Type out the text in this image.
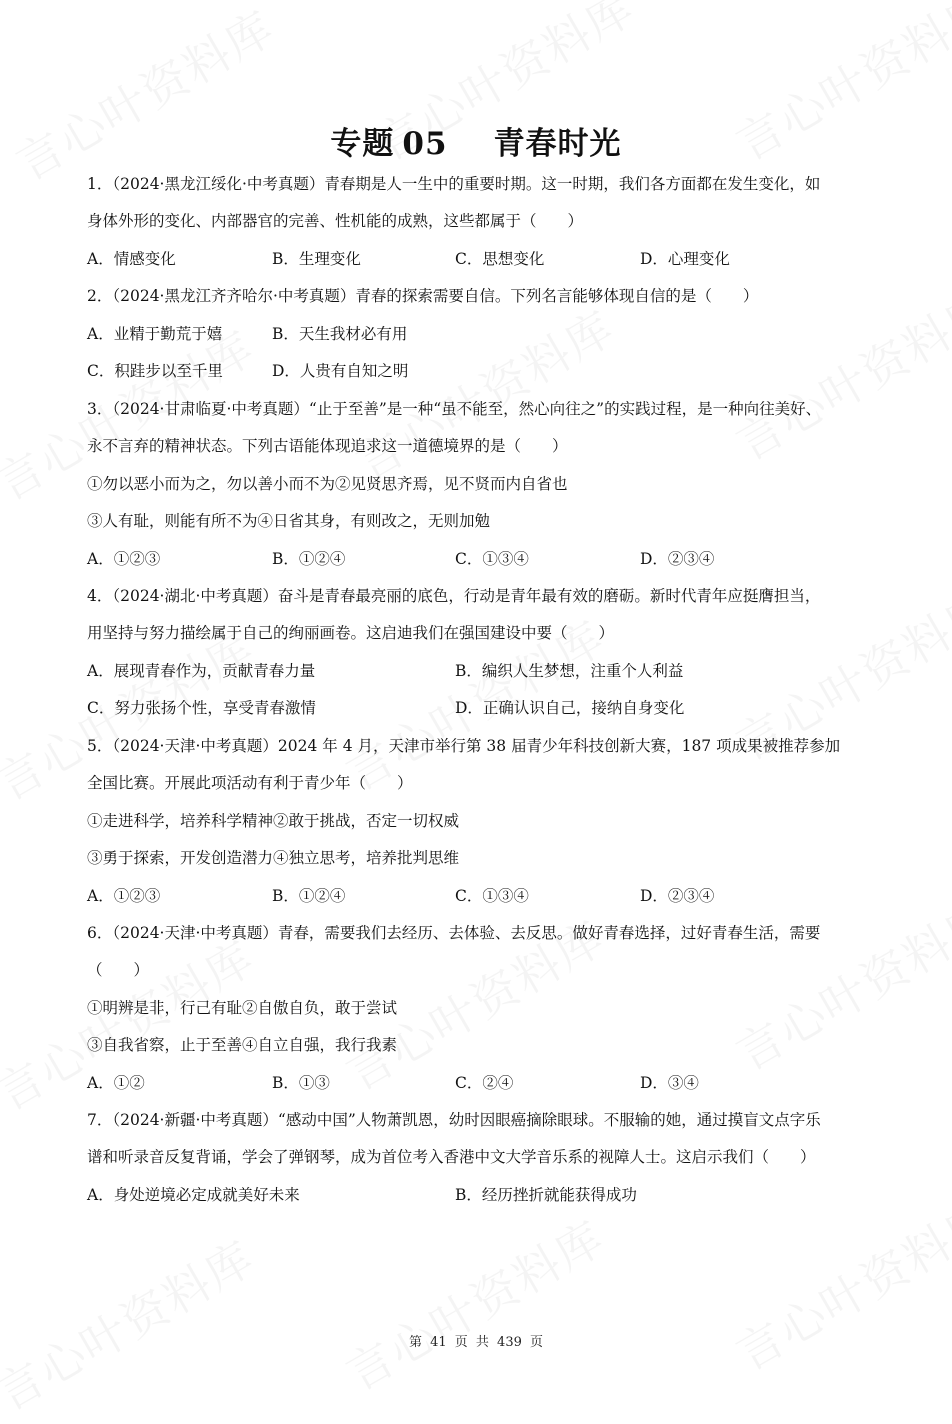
专题 05 青春时光
1．（2024·黑龙江绥化·中考真题）青春期是人一生中的重要时期。这一时期，我们各方面都在发生变化，如
身体外形的变化、内部器官的完善、性机能的成熟，这些都属于（　　）
A．情感变化	B．生理变化	C．思想变化	D．心理变化
2．（2024·黑龙江齐齐哈尔·中考真题）青春的探索需要自信。下列名言能够体现自信的是（　　）
A．业精于勤荒于嬉	B．天生我材必有用
C．积跬步以至千里	D．人贵有自知之明
3．（2024·甘肃临夏·中考真题）“止于至善”是一种“虽不能至，然心向往之”的实践过程，是一种向往美好、
永不言弃的精神状态。下列古语能体现追求这一道德境界的是（　　）
①勿以恶小而为之，勿以善小而不为②见贤思齐焉，见不贤而内自省也
③人有耻，则能有所不为④日省其身，有则改之，无则加勉
A．①②③	B．①②④	C．①③④	D．②③④
4．（2024·湖北·中考真题）奋斗是青春最亮丽的底色，行动是青年最有效的磨砺。新时代青年应挺膺担当，
用坚持与努力描绘属于自己的绚丽画卷。这启迪我们在强国建设中要（　　）
A．展现青春作为，贡献青春力量	B．编织人生梦想，注重个人利益
C．努力张扬个性，享受青春激情	D．正确认识自己，接纳自身变化
5．（2024·天津·中考真题）2024 年 4 月，天津市举行第 38 届青少年科技创新大赛，187 项成果被推荐参加
全国比赛。开展此项活动有利于青少年（　　）
①走进科学，培养科学精神②敢于挑战，否定一切权威
③勇于探索，开发创造潜力④独立思考，培养批判思维
A．①②③	B．①②④	C．①③④	D．②③④
6．（2024·天津·中考真题）青春，需要我们去经历、去体验、去反思。做好青春选择，过好青春生活，需要
（　　）
①明辨是非，行己有耻②自傲自负，敢于尝试
③自我省察，止于至善④自立自强，我行我素
A．①②	B．①③	C．②④	D．③④
7．（2024·新疆·中考真题）“感动中国”人物萧凯恩，幼时因眼癌摘除眼球。不服输的她，通过摸盲文点字乐
谱和听录音反复背诵，学会了弹钢琴，成为首位考入香港中文大学音乐系的视障人士。这启示我们（　　）
A．身处逆境必定成就美好未来	B．经历挫折就能获得成功
第 41 页 共 439 页
